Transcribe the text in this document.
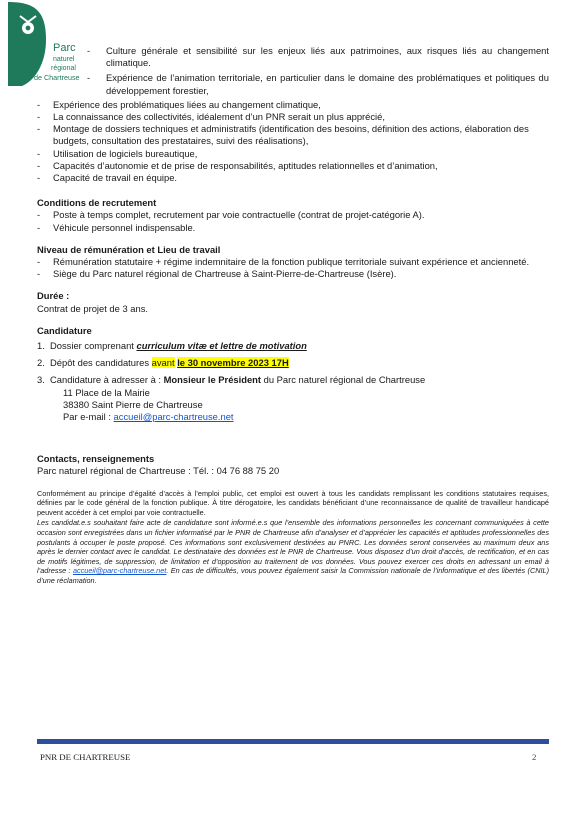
Parc
naturel
régional
de Chartreuse
- Culture générale et sensibilité sur les enjeux liés aux patrimoines, aux risques liés au changement climatique.
- Expérience de l’animation territoriale, en particulier dans le domaine des problématiques et politiques du développement forestier,
- Expérience des problématiques liées au changement climatique,
- La connaissance des collectivités, idéalement d’un PNR serait un plus apprécié,
- Montage de dossiers techniques et administratifs (identification des besoins, définition des actions, élaboration des budgets, consultation des prestataires, suivi des réalisations),
- Utilisation de logiciels bureautique,
- Capacités d’autonomie et de prise de responsabilités, aptitudes relationnelles et d’animation,
- Capacité de travail en équipe.
Conditions de recrutement
- Poste à temps complet, recrutement par voie contractuelle (contrat de projet-catégorie A).
- Véhicule personnel indispensable.
Niveau de rémunération et Lieu de travail
- Rémunération statutaire + régime indemnitaire de la fonction publique territoriale suivant expérience et ancienneté.
- Siège du Parc naturel régional de Chartreuse à Saint-Pierre-de-Chartreuse (Isère).
Durée :
Contrat de projet de 3 ans.
Candidature
1. Dossier comprenant curriculum vitæ et lettre de motivation
2. Dépôt des candidatures avant le 30 novembre 2023 17H
3. Candidature à adresser à : Monsieur le Président du Parc naturel régional de Chartreuse
11 Place de la Mairie
38380 Saint Pierre de Chartreuse
Par e-mail : accueil@parc-chartreuse.net
Contacts, renseignements
Parc naturel régional de Chartreuse : Tél. : 04 76 88 75 20
Conformément au principe d’égalité d’accès à l’emploi public, cet emploi est ouvert à tous les candidats remplissant les conditions statutaires requises, définies par le code général de la fonction publique. À titre dérogatoire, les candidats bénéficiant d’une reconnaissance de qualité de travailleur handicapé peuvent accéder à cet emploi par voie contractuelle.
Les candidat.e.s souhaitant faire acte de candidature sont informé.e.s que l’ensemble des informations personnelles les concernant communiquées à cette occasion sont enregistrées dans un fichier informatisé par le PNR de Chartreuse afin d’analyser et d’apprécier les capacités et aptitudes professionnelles des postulants à occuper le poste proposé. Ces informations sont exclusivement destinées au PNRC. Les données seront conservées au maximum deux ans après le dernier contact avec le candidat. Le destinataire des données est le PNR de Chartreuse. Vous disposez d’un droit d’accès, de rectification, et en cas de motifs légitimes, de suppression, de limitation et d’opposition au traitement de vos données. Vous pouvez exercer ces droits en adressant un email à l’adresse : accueil@parc-chartreuse.net. En cas de difficultés, vous pouvez également saisir la Commission nationale de l’informatique et des libertés (CNIL) d’une réclamation.
PNR DE CHARTREUSE	2
